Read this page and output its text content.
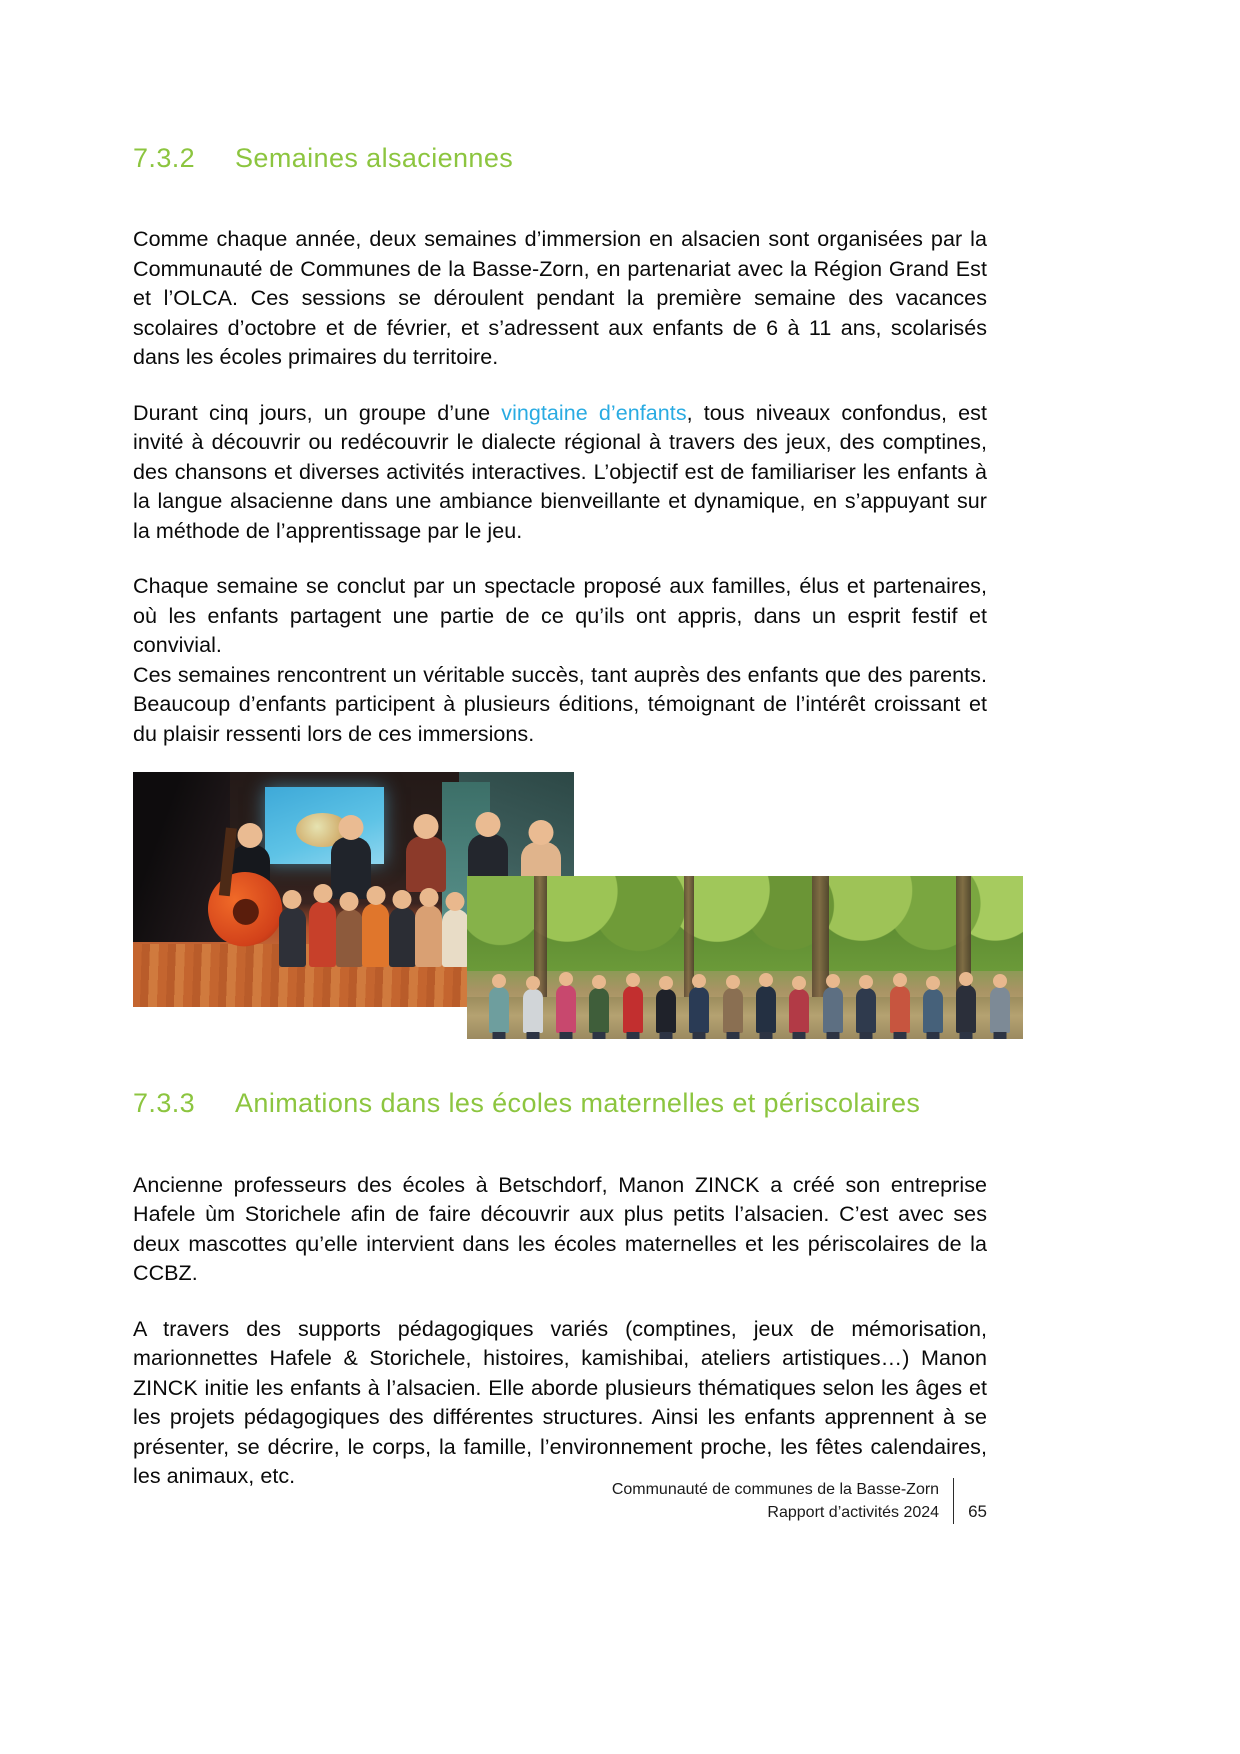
7.3.2	Semaines alsaciennes

Comme chaque année, deux semaines d’immersion en alsacien sont organisées par la Communauté de Communes de la Basse-Zorn, en partenariat avec la Région Grand Est et l’OLCA. Ces sessions se déroulent pendant la première semaine des vacances scolaires d’octobre et de février, et s’adressent aux enfants de 6 à 11 ans, scolarisés dans les écoles primaires du territoire.

Durant cinq jours, un groupe d’une vingtaine d’enfants, tous niveaux confondus, est invité à découvrir ou redécouvrir le dialecte régional à travers des jeux, des comptines, des chansons et diverses activités interactives. L’objectif est de familiariser les enfants à la langue alsacienne dans une ambiance bienveillante et dynamique, en s’appuyant sur la méthode de l’apprentissage par le jeu.

Chaque semaine se conclut par un spectacle proposé aux familles, élus et partenaires, où les enfants partagent une partie de ce qu’ils ont appris, dans un esprit festif et convivial.

Ces semaines rencontrent un véritable succès, tant auprès des enfants que des parents. Beaucoup d’enfants participent à plusieurs éditions, témoignant de l’intérêt croissant et du plaisir ressenti lors de ces immersions.

7.3.3	Animations dans les écoles maternelles et périscolaires

Ancienne professeurs des écoles à Betschdorf, Manon ZINCK a créé son entreprise Hafele ùm Storichele afin de faire découvrir aux plus petits l’alsacien. C’est avec ses deux mascottes qu’elle intervient dans les écoles maternelles et les périscolaires de la CCBZ.

A travers des supports pédagogiques variés (comptines, jeux de mémorisation, marionnettes Hafele & Storichele, histoires, kamishibai, ateliers artistiques…) Manon ZINCK initie les enfants à l’alsacien. Elle aborde plusieurs thématiques selon les âges et les projets pédagogiques des différentes structures. Ainsi les enfants apprennent à se présenter, se décrire, le corps, la famille, l’environnement proche, les fêtes calendaires, les animaux, etc.

Communauté de communes de la Basse-Zorn
Rapport d’activités 2024	65
